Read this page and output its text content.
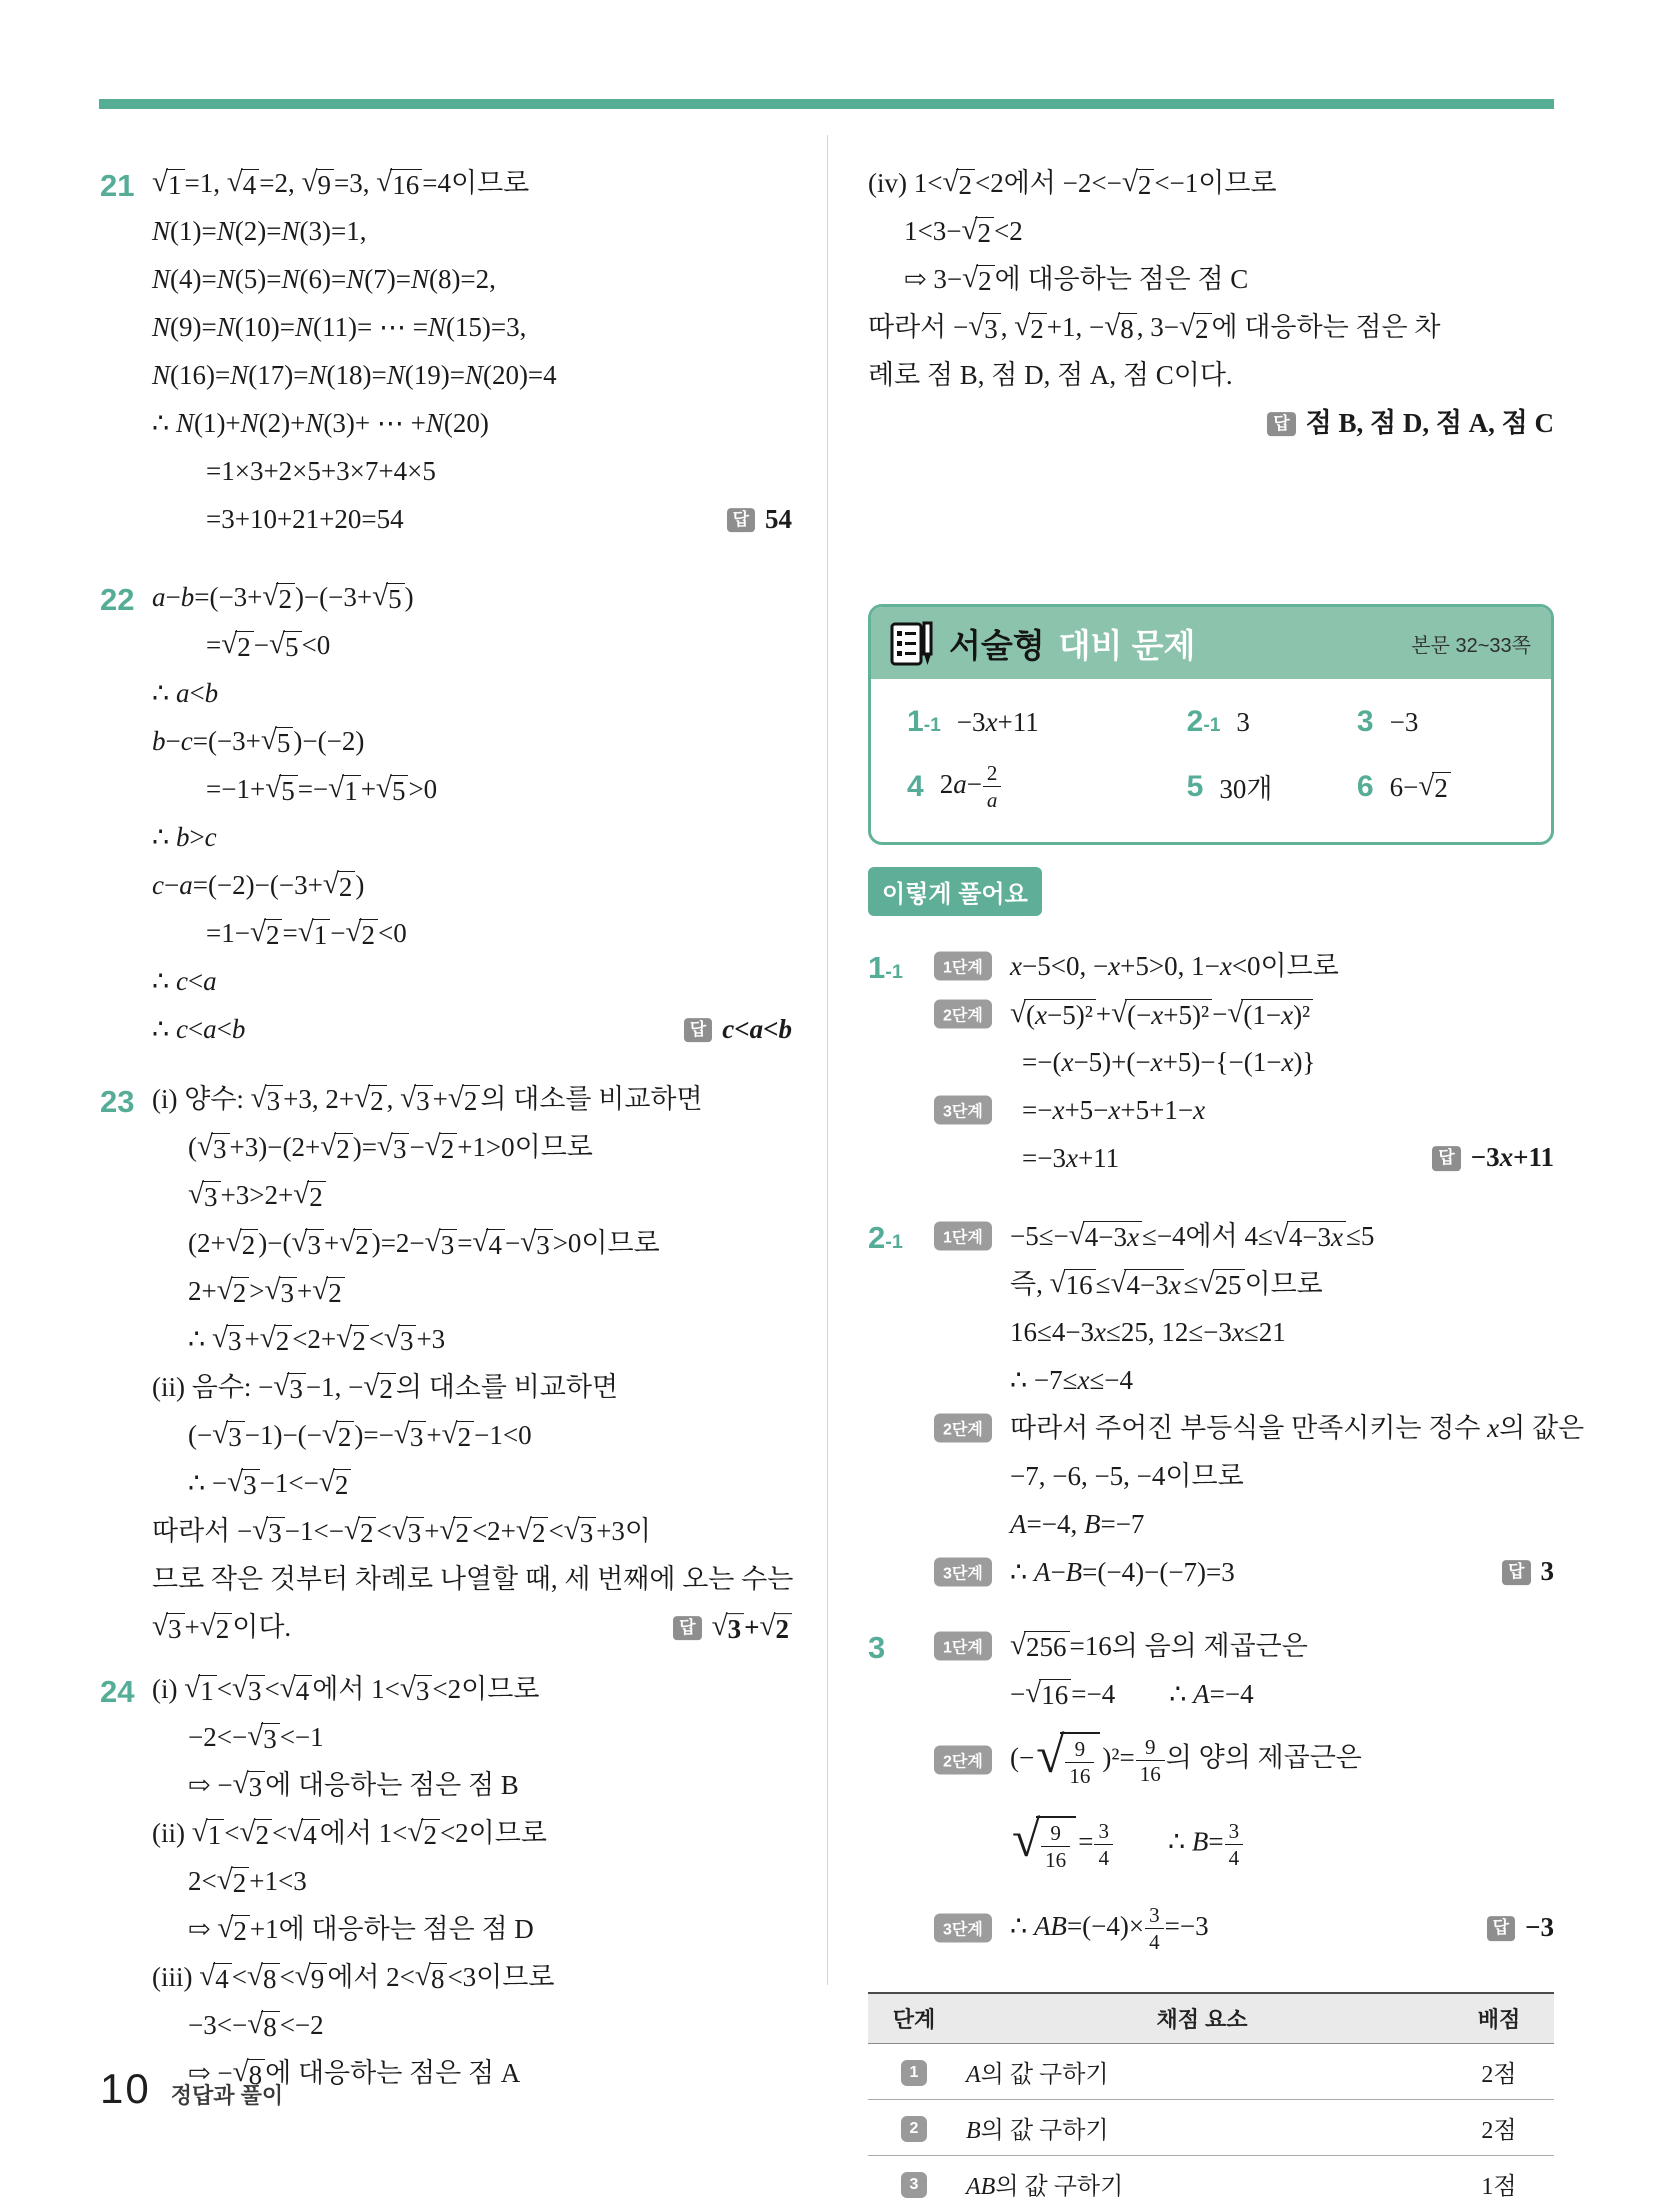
21 √1 =1, √4 =2, √9 =3, √16 =4이므로
N(1)=N(2)=N(3)=1,
N(4)=N(5)=N(6)=N(7)=N(8)=2,
N(9)=N(10)=N(11)= ⋯ =N(15)=3,
N(16)=N(17)=N(18)=N(19)=N(20)=4
∴ N(1)+N(2)+N(3)+ ⋯ +N(20)
=1×3+2×5+3×7+4×5
=3+10+21+20=54	답 54
22 a−b=(−3+√2 )−(−3+√5 )
=√2 −√5 <0
∴ a<b
b−c=(−3+√5 )−(−2)
=−1+√5 =−√1 +√5 >0
∴ b>c
c−a=(−2)−(−3+√2 )
=1−√2 =√1 −√2 <0
∴ c<a
∴ c<a<b	답 c<a<b
23 (i) 양수: √3 +3, 2+√2 , √3 +√2 의 대소를 비교하면
(√3 +3)−(2+√2 )=√3 −√2 +1>0이므로
√3 +3>2+√2
(2+√2 )−(√3 +√2 )=2−√3 =√4 −√3 >0이므로
2+√2 >√3 +√2
∴ √3 +√2 <2+√2 <√3 +3
(ii) 음수: −√3 −1, −√2 의 대소를 비교하면
(−√3 −1)−(−√2 )=−√3 +√2 −1<0
∴ −√3 −1<−√2
따라서 −√3 −1<−√2 <√3 +√2 <2+√2 <√3 +3이
므로 작은 것부터 차례로 나열할 때, 세 번째에 오는 수는
√3 +√2 이다.	답 √3 +√2
24 (i) √1 <√3 <√4 에서 1<√3 <2이므로
−2<−√3 <−1
⇨ −√3 에 대응하는 점은 점 B
(ii) √1 <√2 <√4 에서 1<√2 <2이므로
2<√2 +1<3
⇨ √2 +1에 대응하는 점은 점 D
(iii) √4 <√8 <√9 에서 2<√8 <3이므로
−3<−√8 <−2
⇨ −√8 에 대응하는 점은 점 A
(iv) 1<√2 <2에서 −2<−√2 <−1이므로
1<3−√2 <2
⇨ 3−√2 에 대응하는 점은 점 C
따라서 −√3 , √2 +1, −√8 , 3−√2 에 대응하는 점은 차
례로 점 B, 점 D, 점 A, 점 C이다.
답 점 B, 점 D, 점 A, 점 C
서술형 대비 문제	본문 32~33쪽
1-1 −3x+11	2-1 3	3 −3
4 $2a- \frac{2}{a}$	5 30개	6 6−√2
이렇게 풀어요
1-1	1단계	x−5<0, −x+5>0, 1−x<0이므로
2단계 √(x−5)² +√(−x+5)² −√(1−x)²
=−(x−5)+(−x+5)−{−(1−x)}
3단계	=−x+5−x+5+1−x
=−3x+11	답 −3x+11
2-1	1단계	−5≤−√4−3x ≤−4에서 4≤√4−3x ≤5
즉, √16 ≤√4−3x ≤√25 이므로
16≤4−3x≤25, 12≤−3x≤21
∴ −7≤x≤−4
2단계	따라서 주어진 부등식을 만족시키는 정수 x의 값은
−7, −6, −5, −4이므로
A=−4, B=−7
3단계	∴ A−B=(−4)−(−7)=3	답 3
3	1단계 √256 =16의 음의 제곱근은
−√16 =−4  ∴ A=−4
2단계	(− √ $\frac{9}{16} )^2= \frac{9}{16}$ 의 양의 제곱근은
√ $\frac{9}{16} = \frac{3}{4}$   ∴ $B= \frac{3}{4}$
3단계	∴ $AB=(-4)\times \frac{3}{4} =-3$	답 −3
단계	채점 요소	배점
1	A의 값 구하기	2점
2	B의 값 구하기	2점
3	AB의 값 구하기	1점
10 정답과 풀이
